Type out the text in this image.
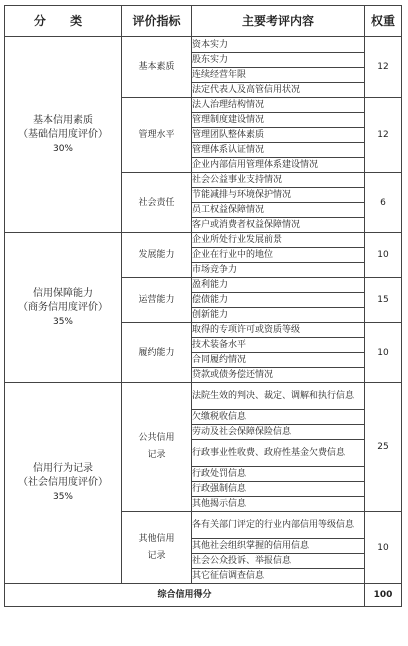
分 类	评价指标	主要考评内容	权重

基本信用素质
（基础信用度评价）
30%	基本素质	资本实力	12
		股东实力	
		连续经营年限	
		法定代表人及高管信用状况	
	管理水平	法人治理结构情况	12
		管理制度建设情况	
		管理团队整体素质	
		管理体系认证情况	
		企业内部信用管理体系建设情况	
	社会责任	社会公益事业支持情况	6
		节能减排与环境保护情况	
		员工权益保障情况	
		客户或消费者权益保障情况	

信用保障能力
（商务信用度评价）
35%	发展能力	企业所处行业发展前景	10
		企业在行业中的地位	
		市场竞争力	
	运营能力	盈利能力	15
		偿债能力	
		创新能力	
	履约能力	取得的专项许可或资质等级	10
		技术装备水平	
		合同履约情况	
		贷款或债务偿还情况	

信用行为记录
（社会信用度评价）
35%	公共信用
记录	法院生效的判决、裁定、调解和执行信息	25
		欠缴税收信息	
		劳动及社会保障保险信息	
		行政事业性收费、政府性基金欠费信息	
		行政处罚信息	
		行政强制信息	
		其他揭示信息	

	其他信用
记录	各有关部门评定的行业内部信用等级信息	10
		其他社会组织掌握的信用信息	
		社会公众投诉、举报信息	
		其它征信调查信息	
综合信用得分			100
